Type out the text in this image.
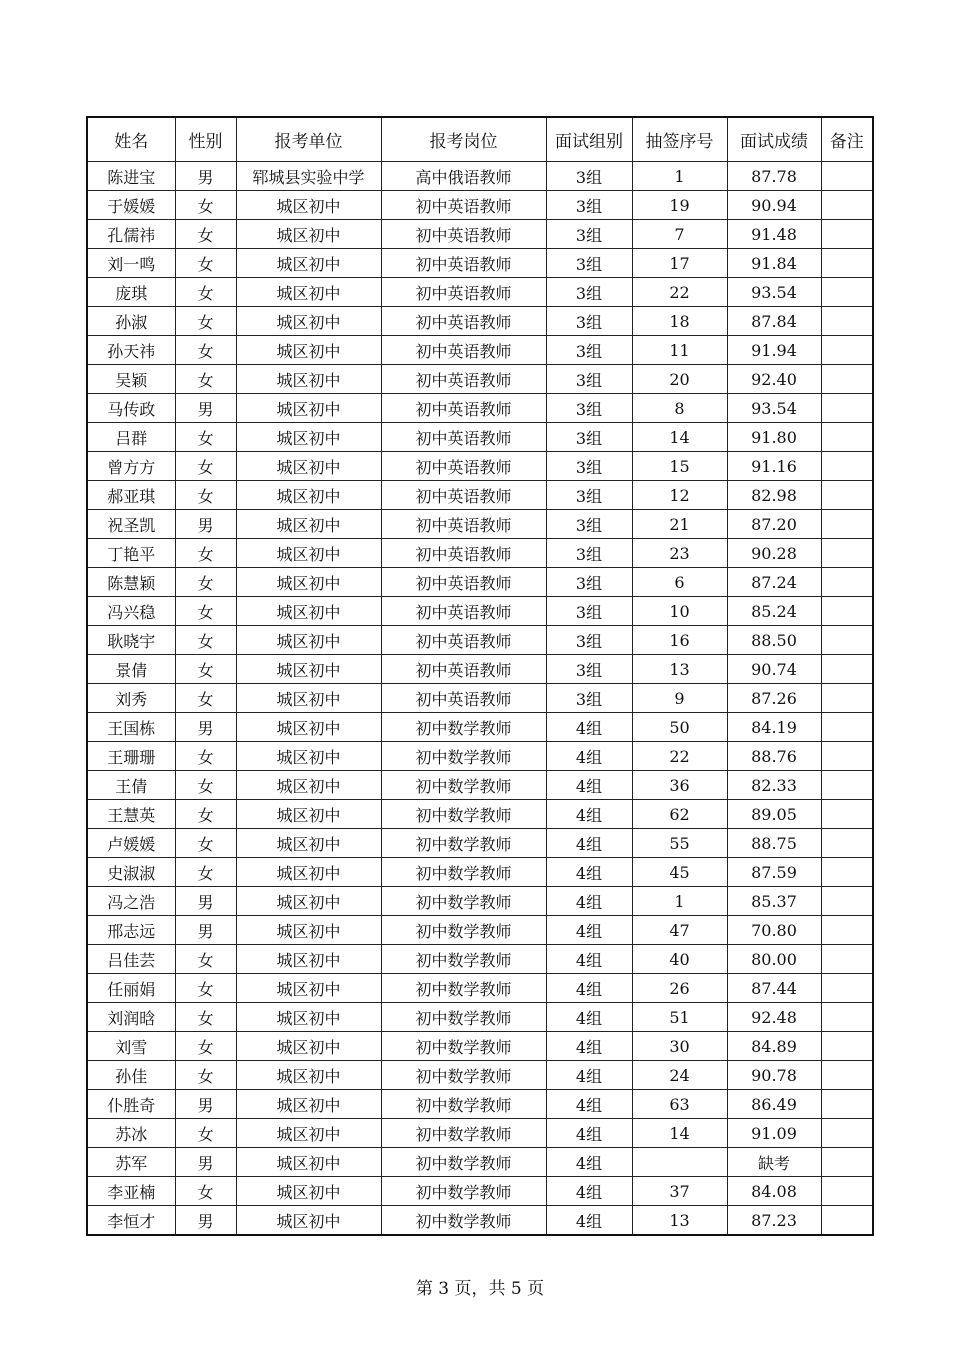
姓名	性别	报考单位	报考岗位	面试组别	抽签序号	面试成绩	备注
陈进宝	男	郓城县实验中学	高中俄语教师	3组	1	87.78	
于媛媛	女	城区初中	初中英语教师	3组	19	90.94	
孔儒祎	女	城区初中	初中英语教师	3组	7	91.48	
刘一鸣	女	城区初中	初中英语教师	3组	17	91.84	
庞琪	女	城区初中	初中英语教师	3组	22	93.54	
孙淑	女	城区初中	初中英语教师	3组	18	87.84	
孙天祎	女	城区初中	初中英语教师	3组	11	91.94	
吴颖	女	城区初中	初中英语教师	3组	20	92.40	
马传政	男	城区初中	初中英语教师	3组	8	93.54	
吕群	女	城区初中	初中英语教师	3组	14	91.80	
曾方方	女	城区初中	初中英语教师	3组	15	91.16	
郝亚琪	女	城区初中	初中英语教师	3组	12	82.98	
祝圣凯	男	城区初中	初中英语教师	3组	21	87.20	
丁艳平	女	城区初中	初中英语教师	3组	23	90.28	
陈慧颖	女	城区初中	初中英语教师	3组	6	87.24	
冯兴稳	女	城区初中	初中英语教师	3组	10	85.24	
耿晓宇	女	城区初中	初中英语教师	3组	16	88.50	
景倩	女	城区初中	初中英语教师	3组	13	90.74	
刘秀	女	城区初中	初中英语教师	3组	9	87.26	
王国栋	男	城区初中	初中数学教师	4组	50	84.19	
王珊珊	女	城区初中	初中数学教师	4组	22	88.76	
王倩	女	城区初中	初中数学教师	4组	36	82.33	
王慧英	女	城区初中	初中数学教师	4组	62	89.05	
卢媛媛	女	城区初中	初中数学教师	4组	55	88.75	
史淑淑	女	城区初中	初中数学教师	4组	45	87.59	
冯之浩	男	城区初中	初中数学教师	4组	1	85.37	
邢志远	男	城区初中	初中数学教师	4组	47	70.80	
吕佳芸	女	城区初中	初中数学教师	4组	40	80.00	
任丽娟	女	城区初中	初中数学教师	4组	26	87.44	
刘润晗	女	城区初中	初中数学教师	4组	51	92.48	
刘雪	女	城区初中	初中数学教师	4组	30	84.89	
孙佳	女	城区初中	初中数学教师	4组	24	90.78	
仆胜奇	男	城区初中	初中数学教师	4组	63	86.49	
苏冰	女	城区初中	初中数学教师	4组	14	91.09	
苏军	男	城区初中	初中数学教师	4组		缺考	
李亚楠	女	城区初中	初中数学教师	4组	37	84.08	
李恒才	男	城区初中	初中数学教师	4组	13	87.23	
第 3 页，共 5 页
